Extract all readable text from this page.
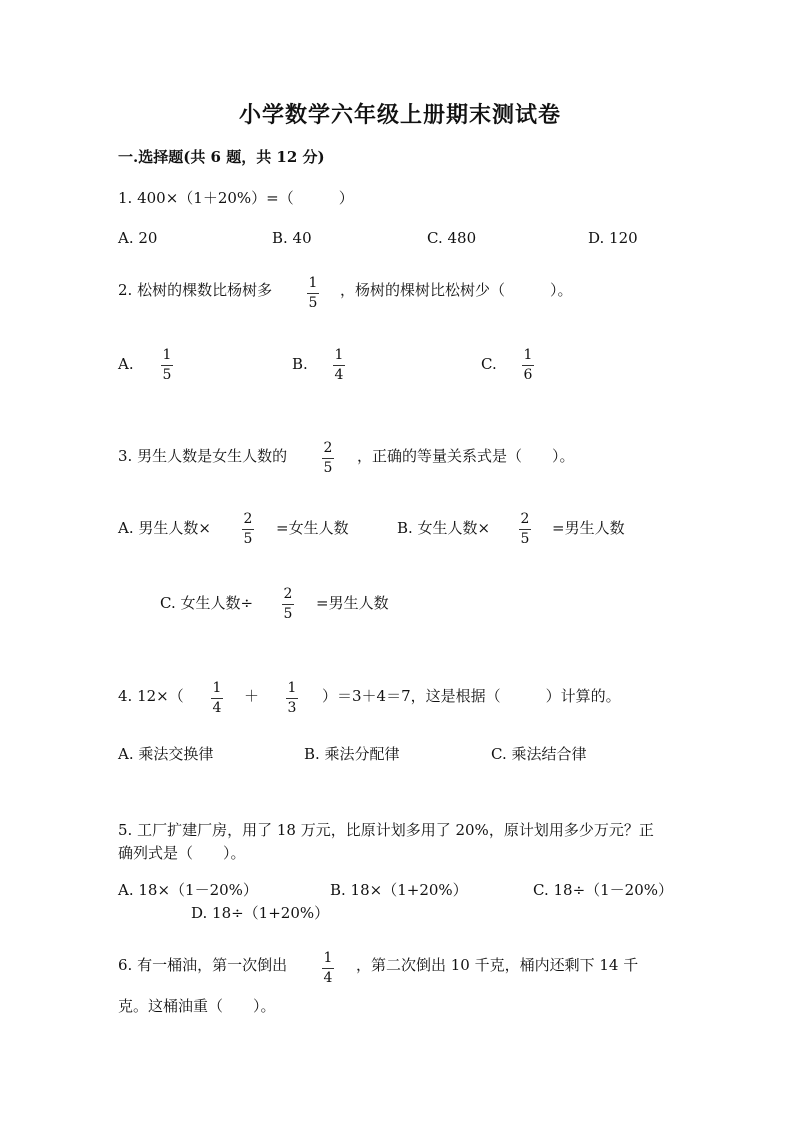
小学数学六年级上册期末测试卷
一.选择题(共 6 题，共 12 分)
1. 400×（1＋20%）=（　　　）
A. 20	B. 40	C. 480	D. 120
2. 松树的棵数比杨树多	1
5
，杨树的棵树比松树少（　　　）。
A. 1
5
B. 1
4
C. 1
6
3. 男生人数是女生人数的	2
5
，正确的等量关系式是（　　）。
A. 男生人数× 2
5
=女生人数	B. 女生人数× 2
5
=男生人数
C. 女生人数÷ 2
5
=男生人数
4. 12×（ 1
4
＋ 1
3
）＝3＋4＝7，这是根据（　　　）计算的。
A. 乘法交换律	B. 乘法分配律	C. 乘法结合律
5. 工厂扩建厂房，用了 18 万元，比原计划多用了 20%，原计划用多少万元？正
确列式是（　　）。
A. 18×（1－20%）	B. 18×（1+20%）	C. 18÷（1－20%）
D. 18÷（1+20%）
6. 有一桶油，第一次倒出	1
4
，第二次倒出 10 千克，桶内还剩下 14 千
克。这桶油重（　　）。
